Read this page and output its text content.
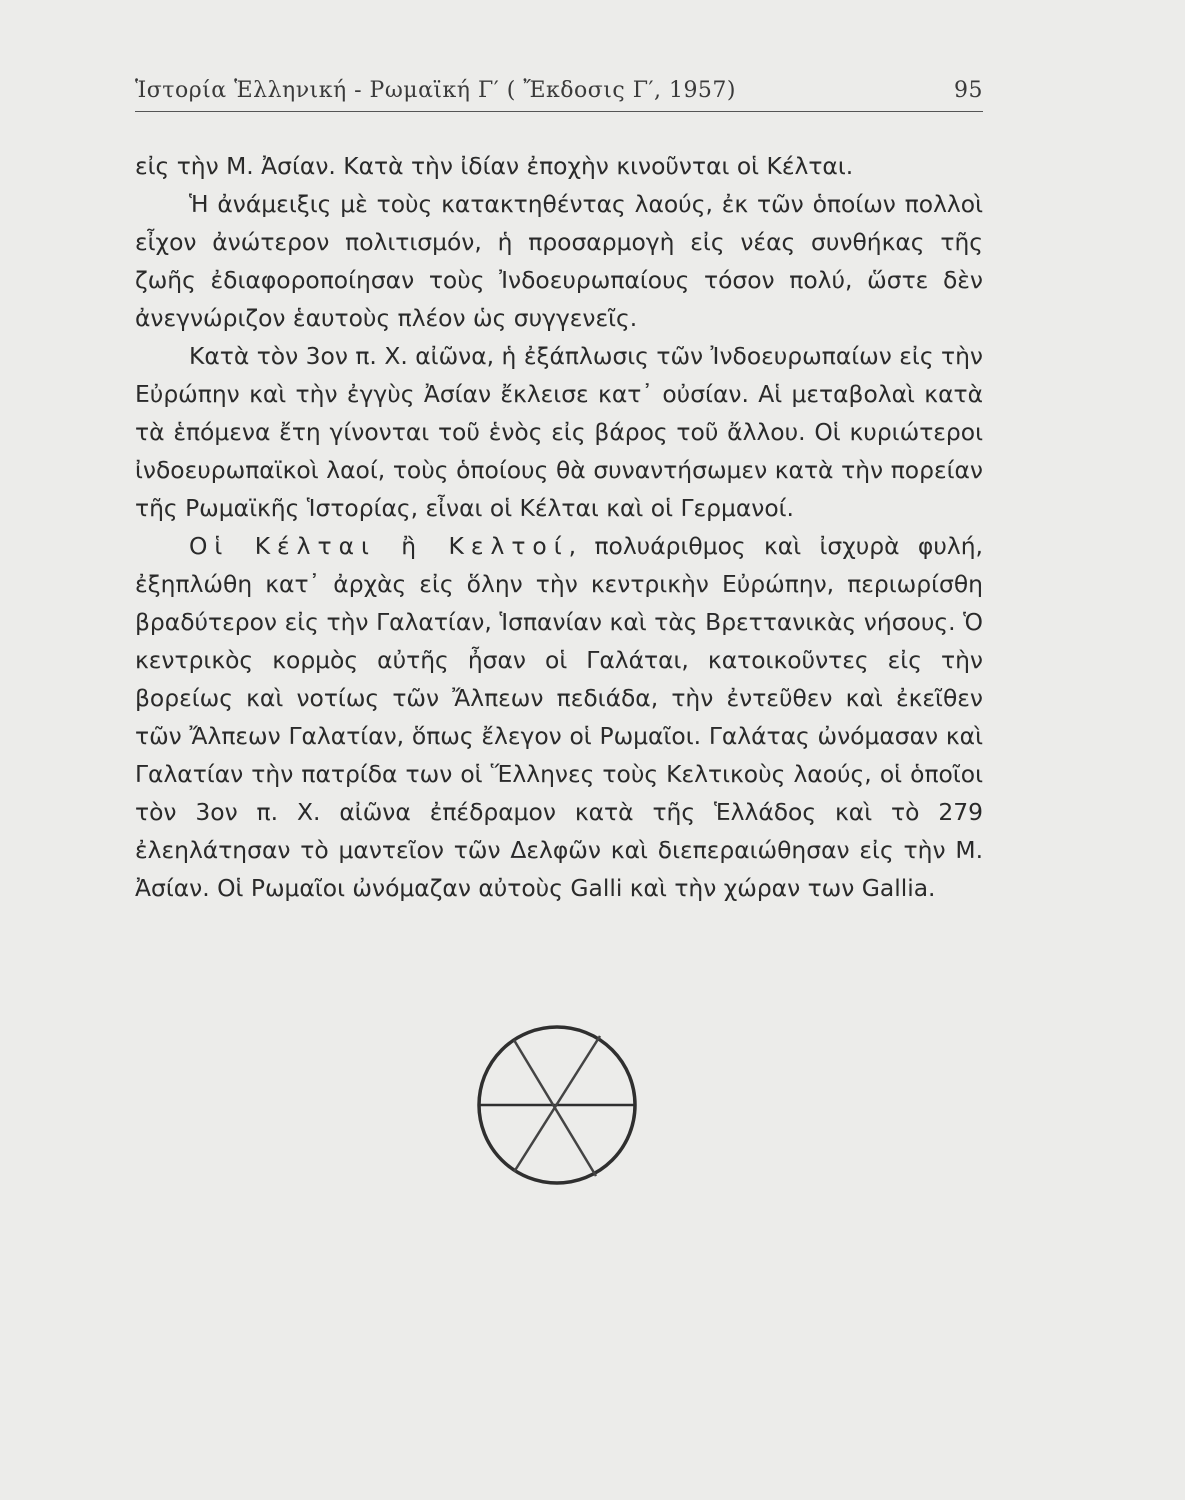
Ἱστορία Ἑλληνική - Ρωμαϊκή Γ′ ( Ἔκδοσις Γ′, 1957)	95

εἰς τὴν Μ. Ἀσίαν. Κατὰ τὴν ἰδίαν ἐποχὴν κινοῦνται οἱ Κέλται.

Ἡ ἀνάμειξις μὲ τοὺς κατακτηθέντας λαούς, ἐκ τῶν ὁποίων πολλοὶ εἶχον ἀνώτερον πολιτισμόν, ἡ προσαρμογὴ εἰς νέας συνθήκας τῆς ζωῆς ἐδιαφοροποίησαν τοὺς Ἰνδοευρωπαίους τόσον πολύ, ὥστε δὲν ἀνεγνώριζον ἑαυτοὺς πλέον ὡς συγγενεῖς.

Κατὰ τὸν 3ον π. Χ. αἰῶνα, ἡ ἐξάπλωσις τῶν Ἰνδοευρωπαίων εἰς τὴν Εὐρώπην καὶ τὴν ἐγγὺς Ἀσίαν ἔκλεισε κατ᾽ οὐσίαν. Αἱ μεταβολαὶ κατὰ τὰ ἑπόμενα ἔτη γίνονται τοῦ ἑνὸς εἰς βάρος τοῦ ἄλλου. Οἱ κυριώτεροι ἰνδοευρωπαϊκοὶ λαοί, τοὺς ὁποίους θὰ συναντήσωμεν κατὰ τὴν πορείαν τῆς Ρωμαϊκῆς Ἱστορίας, εἶναι οἱ Κέλται καὶ οἱ Γερμανοί.

Οἱ Κέλται ἢ Κελτοί, πολυάριθμος καὶ ἰσχυρὰ φυλή, ἐξηπλώθη κατ᾽ ἀρχὰς εἰς ὅλην τὴν κεντρικὴν Εὐρώπην, περιωρίσθη βραδύτερον εἰς τὴν Γαλατίαν, Ἱσπανίαν καὶ τὰς Βρεττανικὰς νήσους. Ὁ κεντρικὸς κορμὸς αὐτῆς ἦσαν οἱ Γαλάται, κατοικοῦντες εἰς τὴν βορείως καὶ νοτίως τῶν Ἄλπεων πεδιάδα, τὴν ἐντεῦθεν καὶ ἐκεῖθεν τῶν Ἄλπεων Γαλατίαν, ὅπως ἔλεγον οἱ Ρωμαῖοι. Γαλάτας ὠνόμασαν καὶ Γαλατίαν τὴν πατρίδα των οἱ Ἕλληνες τοὺς Κελτικοὺς λαούς, οἱ ὁποῖοι τὸν 3ον π. Χ. αἰῶνα ἐπέδραμον κατὰ τῆς Ἑλλάδος καὶ τὸ 279 ἐλεηλάτησαν τὸ μαντεῖον τῶν Δελφῶν καὶ διεπεραιώθησαν εἰς τὴν Μ. Ἀσίαν. Οἱ Ρωμαῖοι ὠνόμαζαν αὐτοὺς Galli καὶ τὴν χώραν των Gallia.
